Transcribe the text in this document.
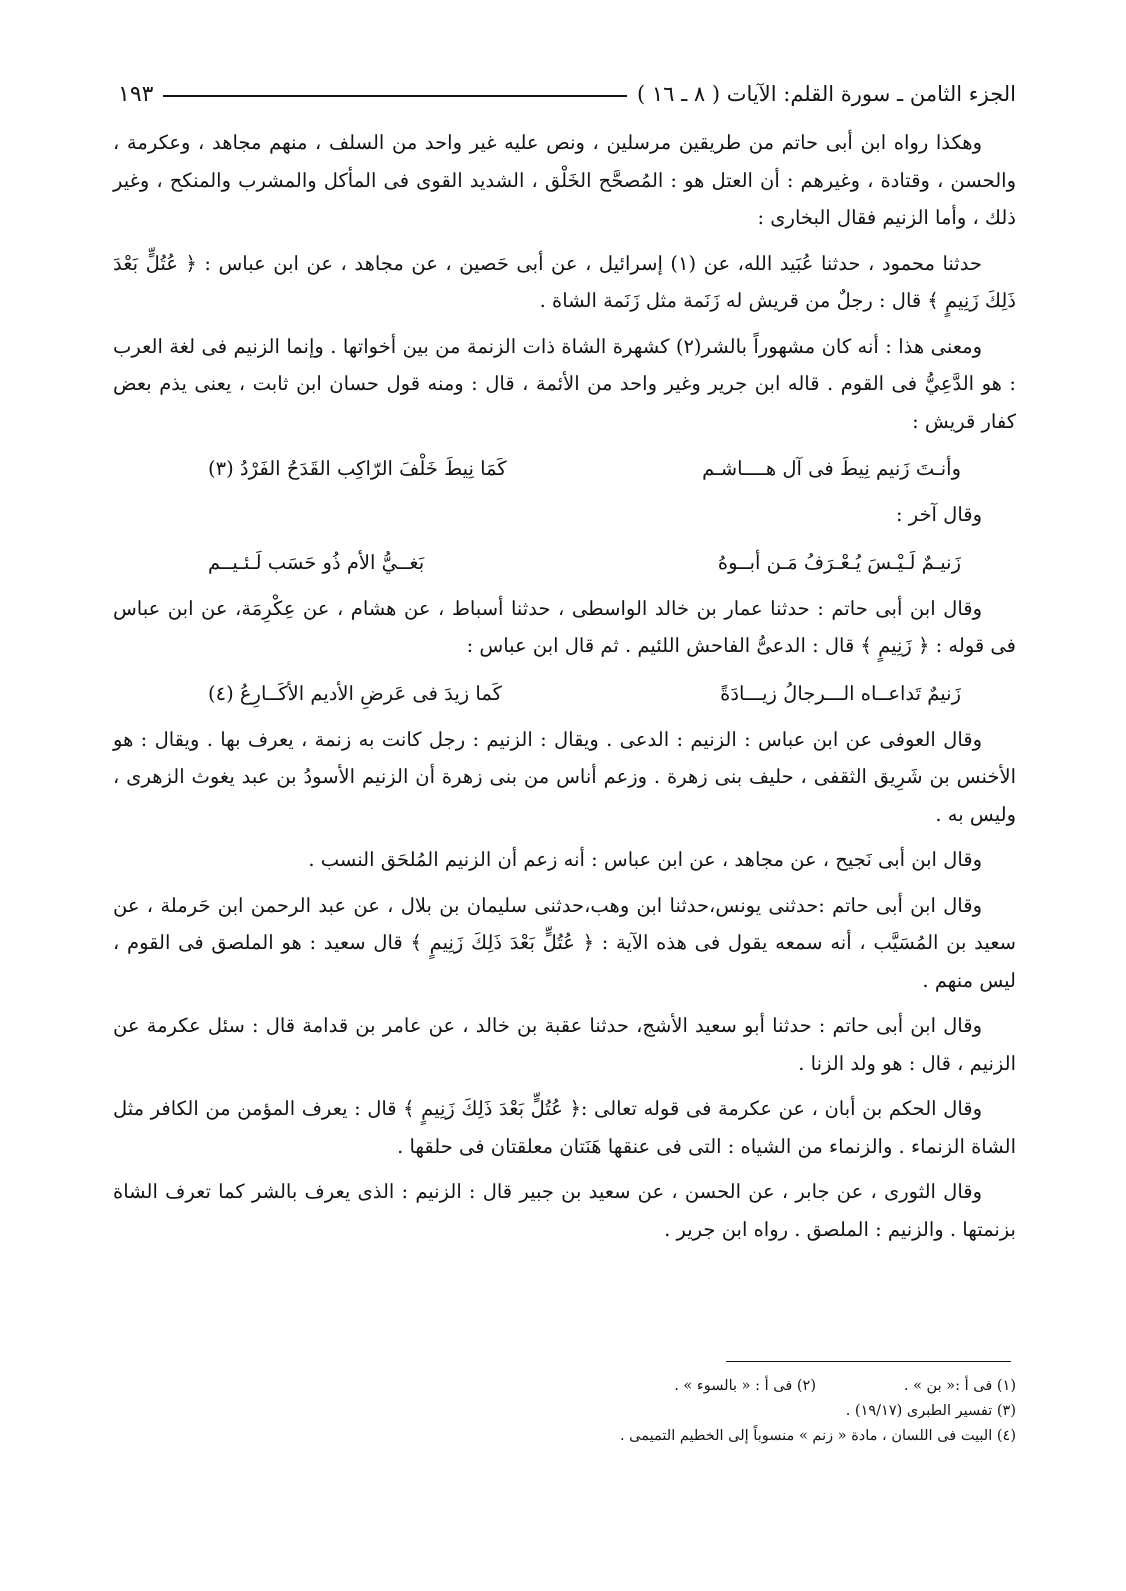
الجزء الثامن ـ سورة القلم: الآيات ( ٨ ـ ١٦ )
١٩٣

وهكذا رواه ابن أبى حاتم من طريقين مرسلين ، ونص عليه غير واحد من السلف ، منهم مجاهد ، وعكرمة ، والحسن ، وقتادة ، وغيرهم : أن العتل هو : المُصحَّح الخَلْق ، الشديد القوى فى المأكل والمشرب والمنكح ، وغير ذلك ، وأما الزنيم فقال البخارى :

حدثنا محمود ، حدثنا عُبَيد الله، عن (١) إسرائيل ، عن أبى حَصين ، عن مجاهد ، عن ابن عباس : ﴿ عُتُلٍّ بَعْدَ ذَلِكَ زَنِيمٍ ﴾ قال : رجلٌ من قريش له زَنَمة مثل زَنَمة الشاة .

ومعنى هذا : أنه كان مشهوراً بالشر(٢) كشهرة الشاة ذات الزنمة من بين أخواتها . وإنما الزنيم فى لغة العرب : هو الدَّعِيُّ فى القوم . قاله ابن جرير وغير واحد من الأئمة ، قال : ومنه قول حسان ابن ثابت ، يعنى يذم بعض كفار قريش :

وأنـتَ زَنيم نِيطَ فى آل هــــاشـم
كَمَا نِيطَ خَلْفَ الرّاكِب القَدَحُ الفَرْدُ (٣)

وقال آخر :

زَنيـمٌ لَـيْـسَ يُـعْـرَفُ مَـن أبــوهُ
بَغــيُّ الأم ذُو حَسَب لَـئـيــم

وقال ابن أبى حاتم : حدثنا عمار بن خالد الواسطى ، حدثنا أسباط ، عن هشام ، عن عِكْرِمَة، عن ابن عباس فى قوله : ﴿ زَنِيمٍ ﴾ قال : الدعىُّ الفاحش اللئيم . ثم قال ابن عباس :

زَنيمٌ تَداعــاه الـــرجالُ زيـــادَةً
كَما زيدَ فى عَرضِ الأديم الأكَــارِعُ (٤)

وقال العوفى عن ابن عباس : الزنيم : الدعى . ويقال : الزنيم : رجل كانت به زنمة ، يعرف بها . ويقال : هو الأخنس بن شَرِيق الثقفى ، حليف بنى زهرة . وزعم أناس من بنى زهرة أن الزنيم الأسودُ بن عبد يغوث الزهرى ، وليس به .

وقال ابن أبى نَجيح ، عن مجاهد ، عن ابن عباس : أنه زعم أن الزنيم المُلحَق النسب .

وقال ابن أبى حاتم :حدثنى يونس،حدثنا ابن وهب،حدثنى سليمان بن بلال ، عن عبد الرحمن ابن حَرملة ، عن سعيد بن المُسَيَّب ، أنه سمعه يقول فى هذه الآية : ﴿ عُتُلٍّ بَعْدَ ذَلِكَ زَنِيمٍ ﴾ قال سعيد : هو الملصق فى القوم ، ليس منهم .

وقال ابن أبى حاتم : حدثنا أبو سعيد الأشج، حدثنا عقبة بن خالد ، عن عامر بن قدامة قال : سئل عكرمة عن الزنيم ، قال : هو ولد الزنا .

وقال الحكم بن أبان ، عن عكرمة فى قوله تعالى :﴿ عُتُلٍّ بَعْدَ ذَلِكَ زَنِيمٍ ﴾ قال : يعرف المؤمن من الكافر مثل الشاة الزنماء . والزنماء من الشياه : التى فى عنقها هَنَتان معلقتان فى حلقها .

وقال الثورى ، عن جابر ، عن الحسن ، عن سعيد بن جبير قال : الزنيم : الذى يعرف بالشر كما تعرف الشاة بزنمتها . والزنيم : الملصق . رواه ابن جرير .

(١) فى أ :« بن » .
(٢) فى أ : « بالسوء » .
(٣) تفسير الطبرى (١٩/١٧) .
(٤) البيت فى اللسان ، مادة « زنم » منسوباً إلى الخطيم التميمى .
